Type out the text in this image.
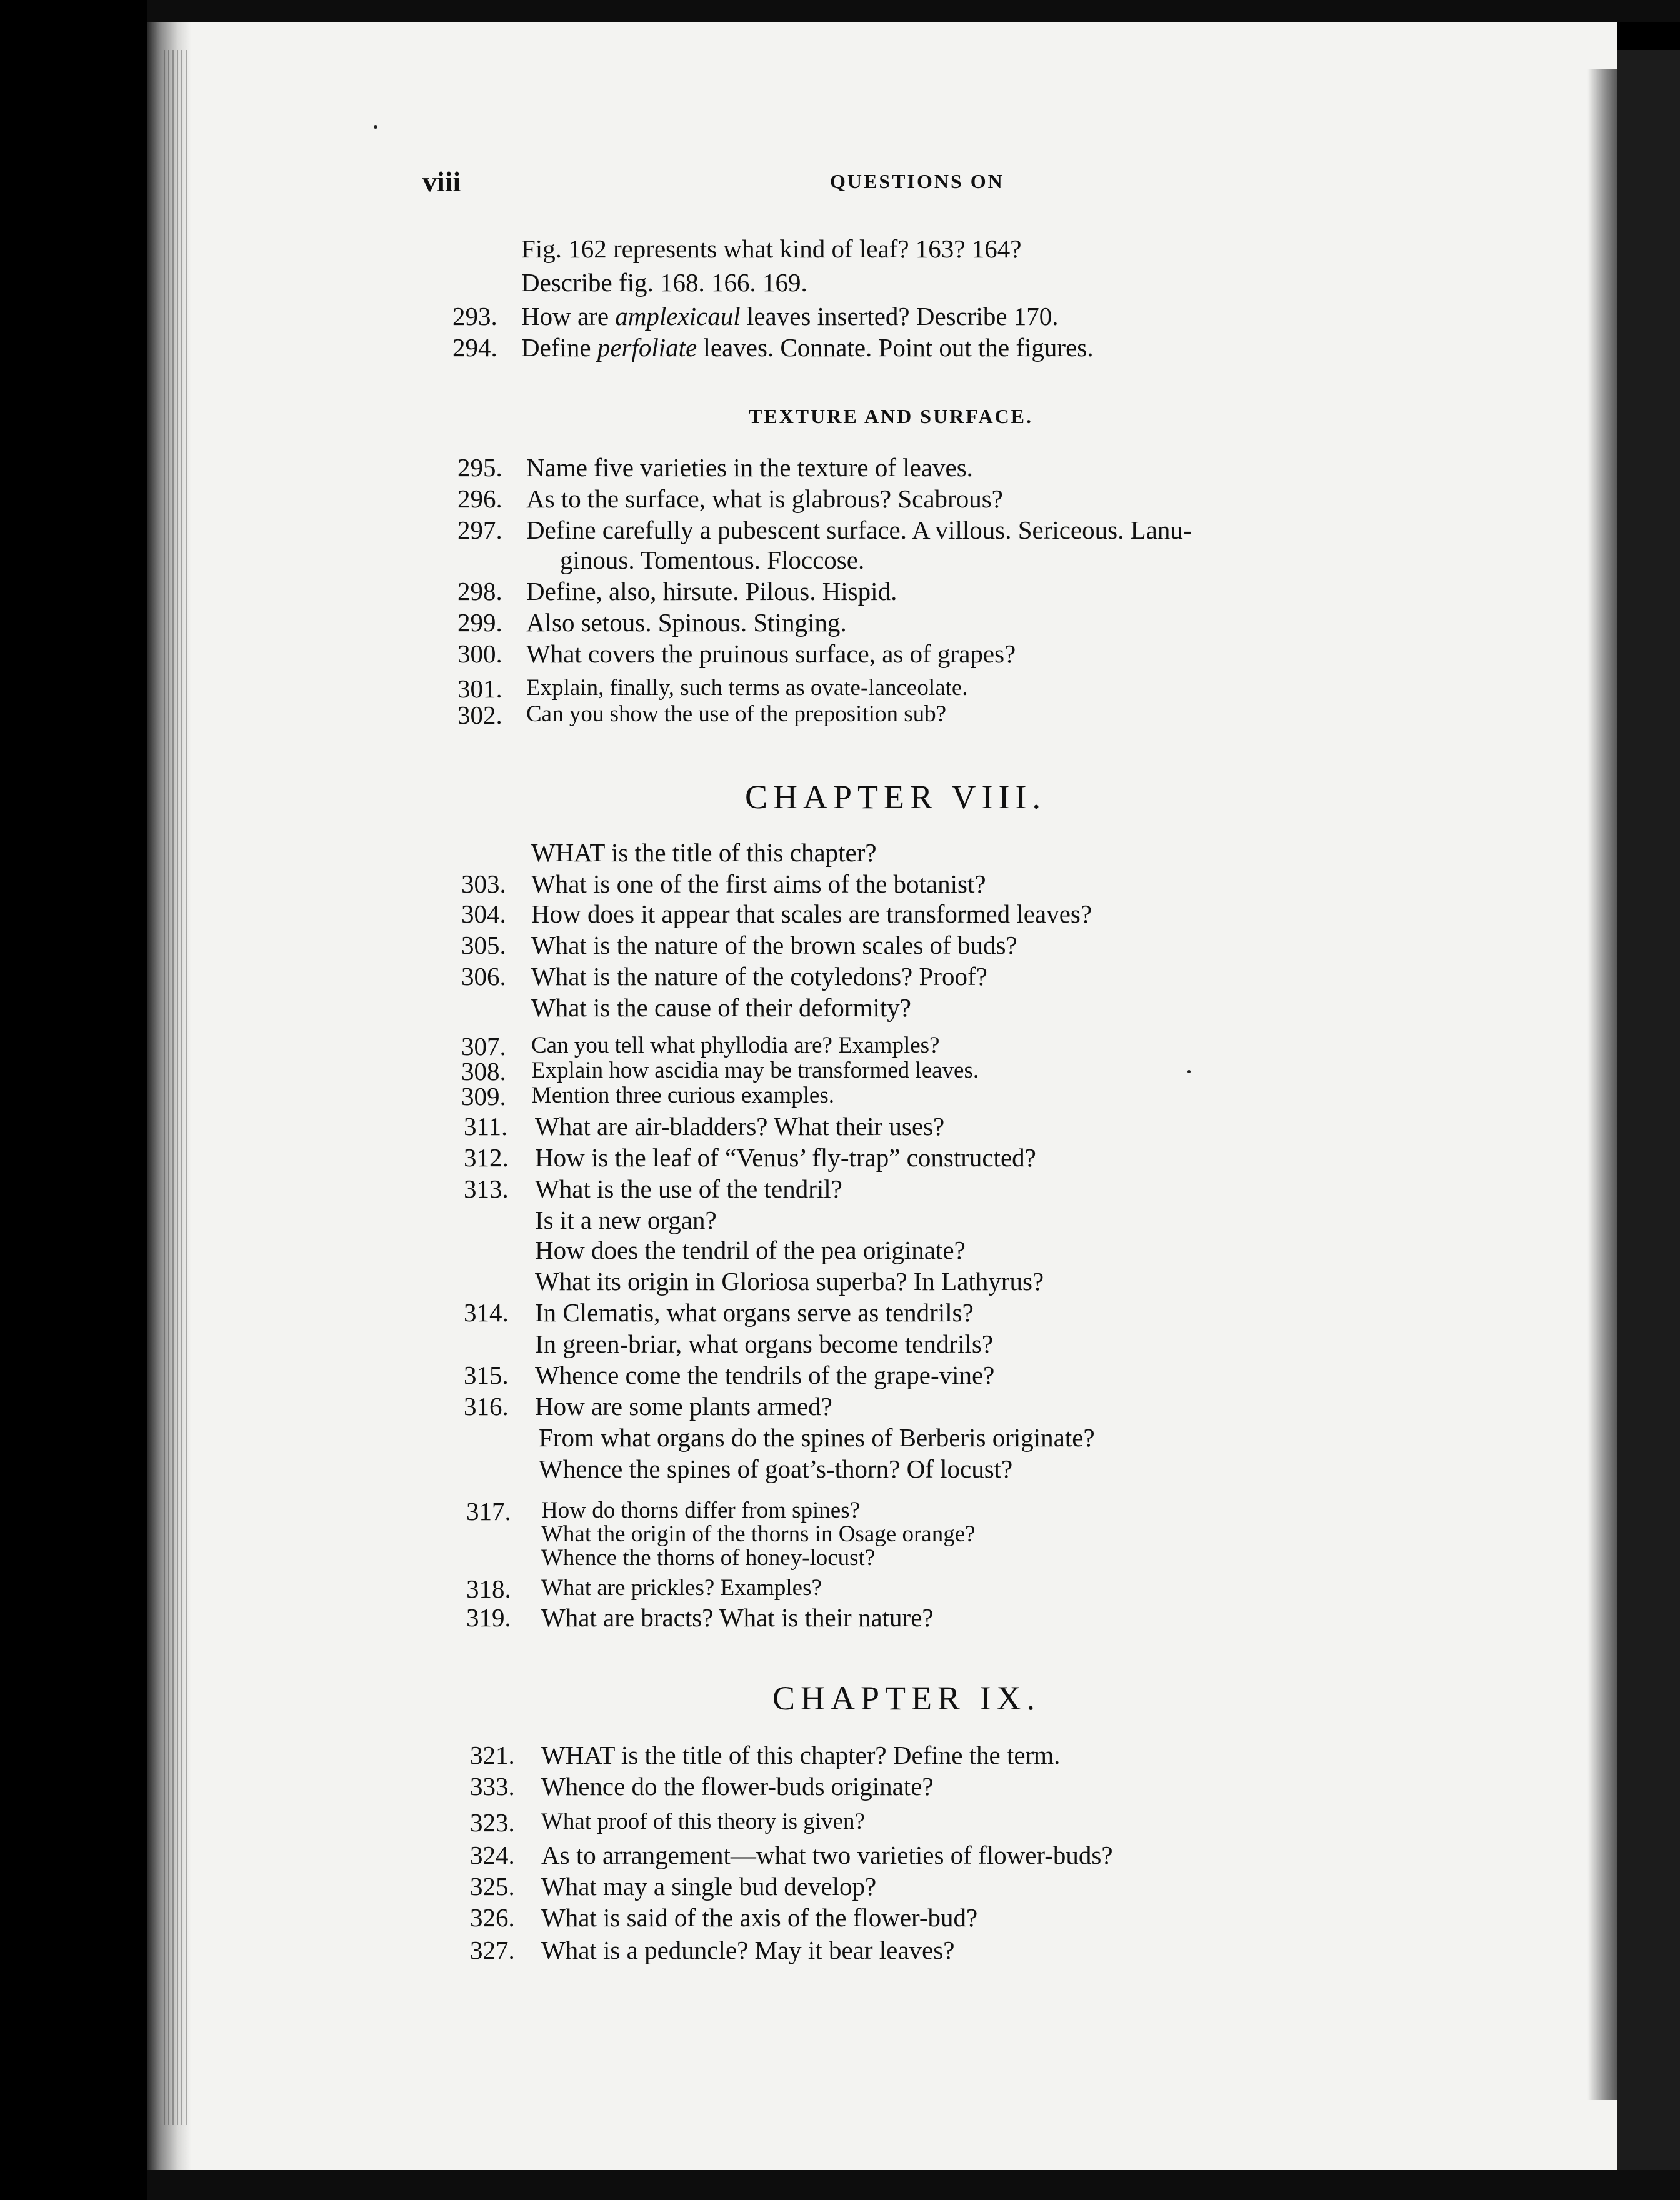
viii	QUESTIONS ON
Fig. 162 represents what kind of leaf? 163? 164?
Describe fig. 168. 166. 169.
293. How are amplexicaul leaves inserted? Describe 170.
294. Define perfoliate leaves. Connate. Point out the figures.
TEXTURE AND SURFACE.
295. Name five varieties in the texture of leaves.
296. As to the surface, what is glabrous? Scabrous?
297. Define carefully a pubescent surface. A villous. Sericeous. Lanu-
ginous. Tomentous. Floccose.
298. Define, also, hirsute. Pilous. Hispid.
299. Also setous. Spinous. Stinging.
300. What covers the pruinous surface, as of grapes?
301. Explain, finally, such terms as ovate-lanceolate.
302. Can you show the use of the preposition sub?
CHAPTER VIII.
WHAT is the title of this chapter?
303. What is one of the first aims of the botanist?
304. How does it appear that scales are transformed leaves?
305. What is the nature of the brown scales of buds?
306. What is the nature of the cotyledons? Proof?
What is the cause of their deformity?
307. Can you tell what phyllodia are? Examples?
308. Explain how ascidia may be transformed leaves.
309. Mention three curious examples.
311. What are air-bladders? What their uses?
312. How is the leaf of “Venus’ fly-trap” constructed?
313. What is the use of the tendril?
Is it a new organ?
How does the tendril of the pea originate?
What its origin in Gloriosa superba? In Lathyrus?
314. In Clematis, what organs serve as tendrils?
In green-briar, what organs become tendrils?
315. Whence come the tendrils of the grape-vine?
316. How are some plants armed?
From what organs do the spines of Berberis originate?
Whence the spines of goat’s-thorn? Of locust?
317. How do thorns differ from spines?
What the origin of the thorns in Osage orange?
Whence the thorns of honey-locust?
318. What are prickles? Examples?
319. What are bracts? What is their nature?
CHAPTER IX.
321. WHAT is the title of this chapter? Define the term.
333. Whence do the flower-buds originate?
323. What proof of this theory is given?
324. As to arrangement—what two varieties of flower-buds?
325. What may a single bud develop?
326. What is said of the axis of the flower-bud?
327. What is a peduncle? May it bear leaves?
